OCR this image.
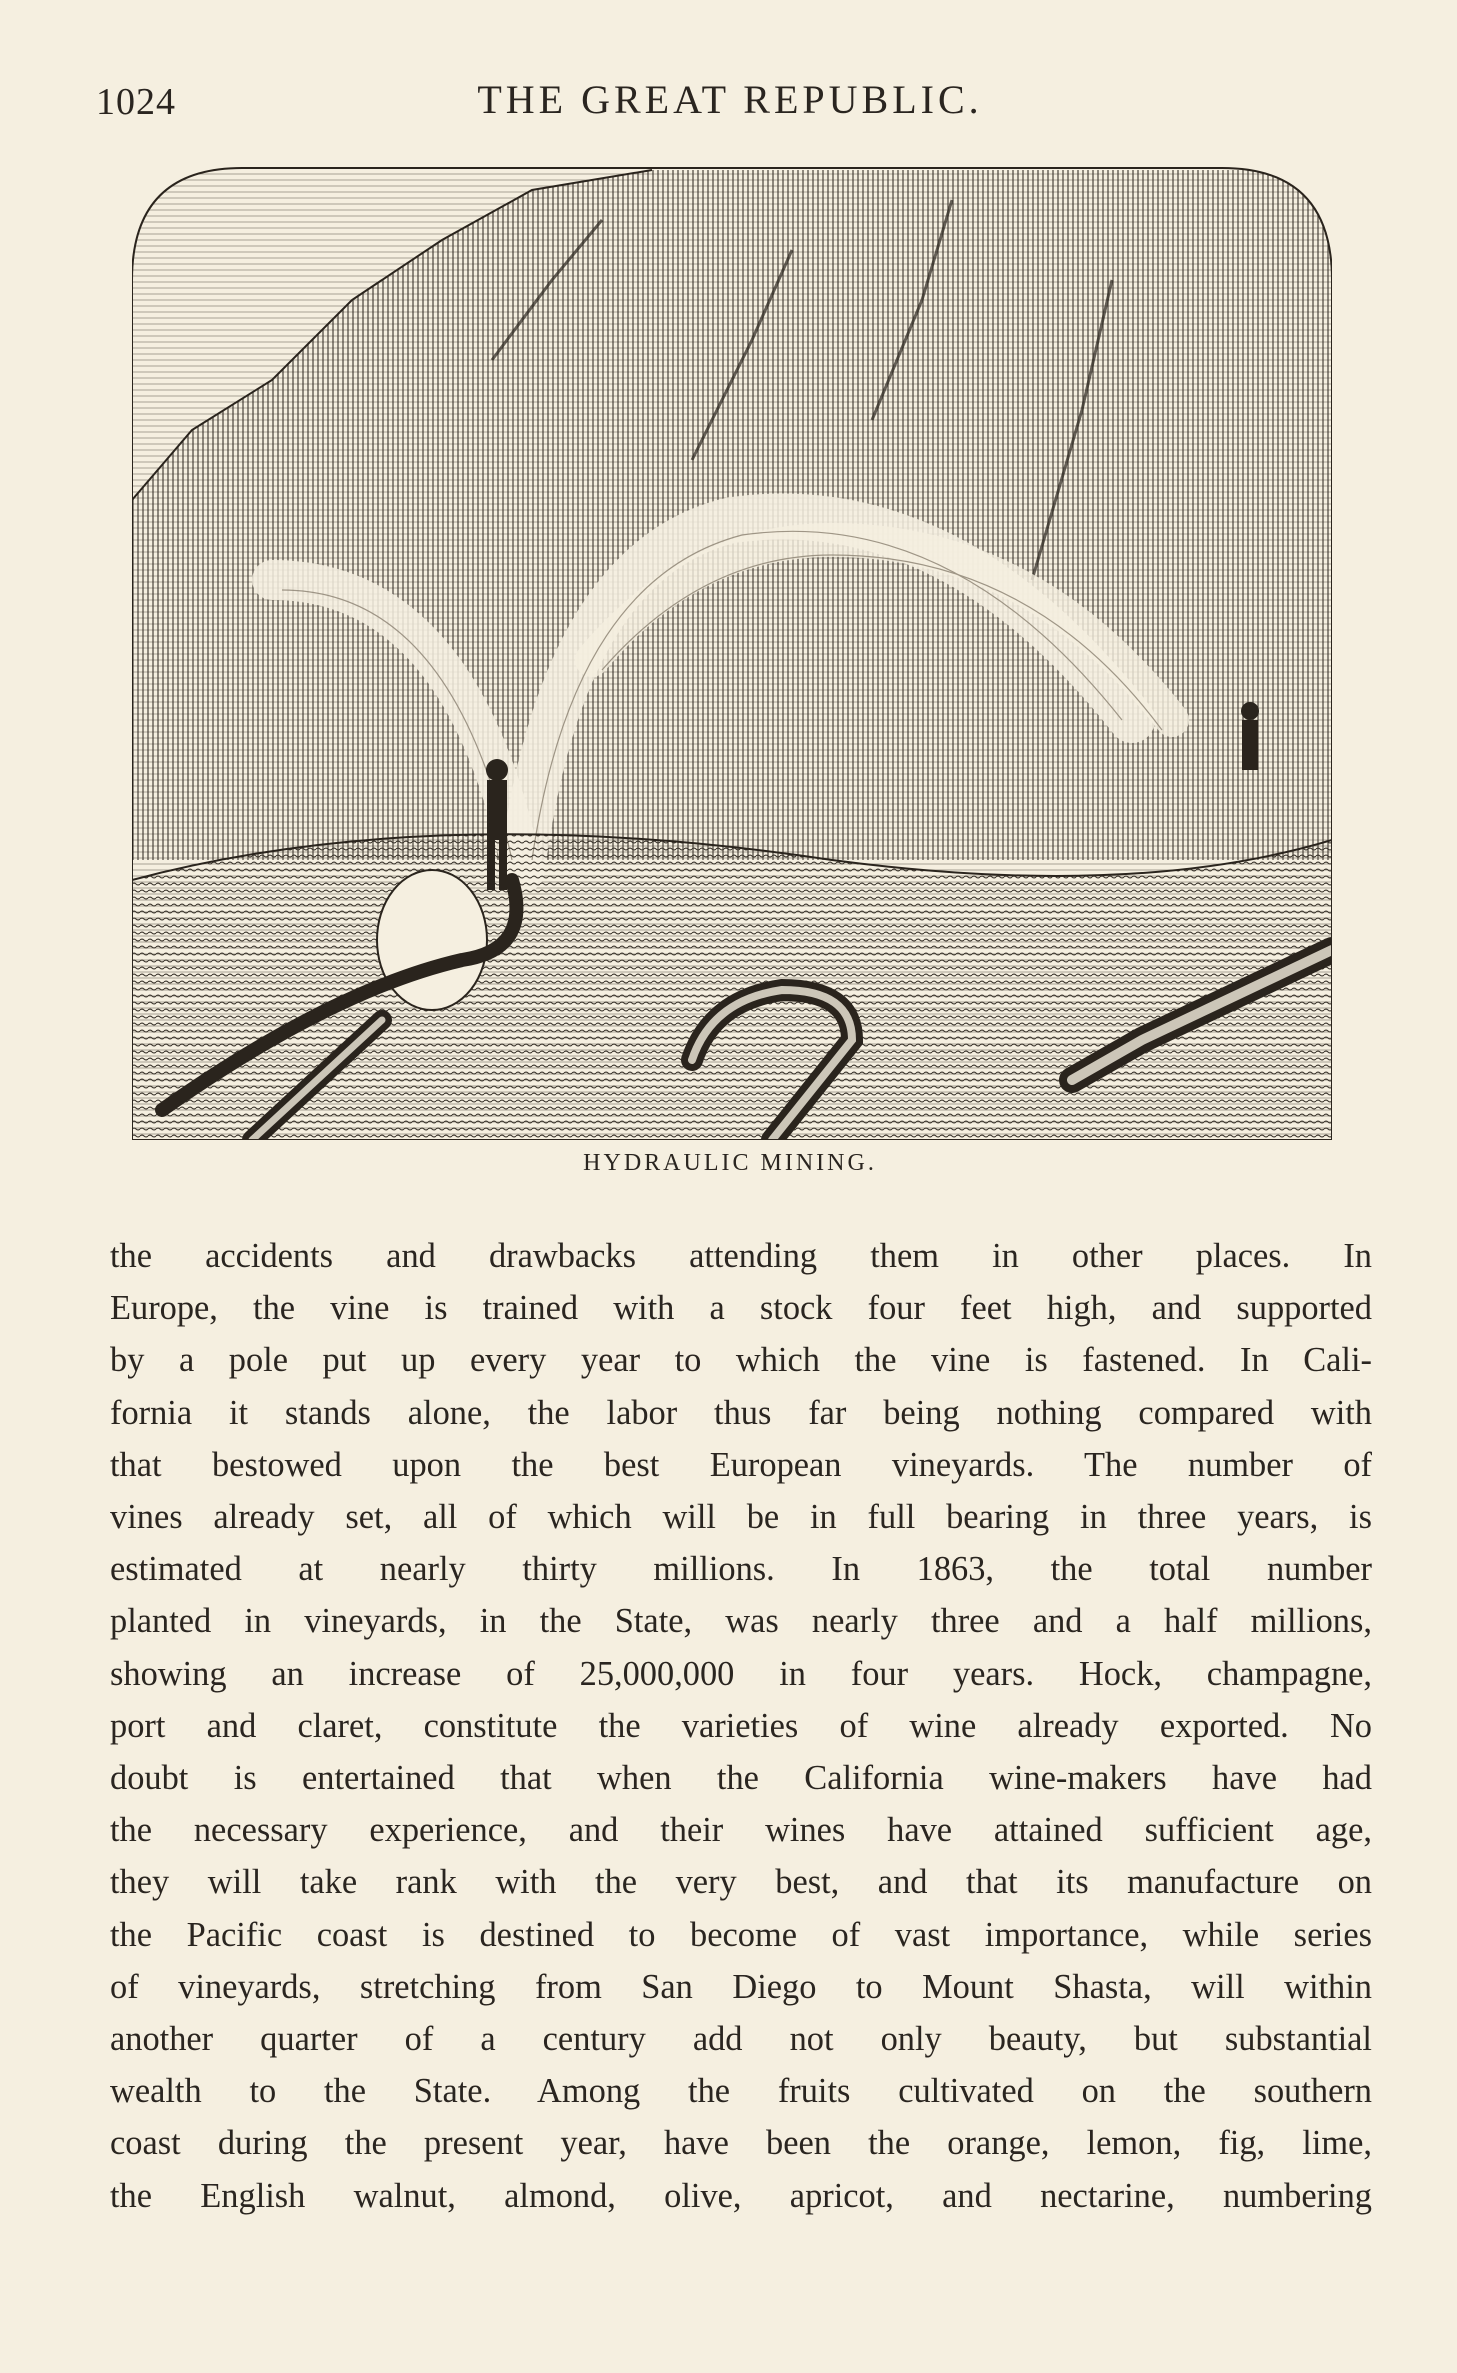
1024	THE GREAT REPUBLIC.
HYDRAULIC MINING.
the accidents and drawbacks attending them in other places. In
Europe, the vine is trained with a stock four feet high, and supported
by a pole put up every year to which the vine is fastened. In Cali-
fornia it stands alone, the labor thus far being nothing compared with
that bestowed upon the best European vineyards. The number of
vines already set, all of which will be in full bearing in three years, is
estimated at nearly thirty millions. In 1863, the total number
planted in vineyards, in the State, was nearly three and a half millions,
showing an increase of 25,000,000 in four years. Hock, champagne,
port and claret, constitute the varieties of wine already exported. No
doubt is entertained that when the California wine-makers have had
the necessary experience, and their wines have attained sufficient age,
they will take rank with the very best, and that its manufacture on
the Pacific coast is destined to become of vast importance, while series
of vineyards, stretching from San Diego to Mount Shasta, will within
another quarter of a century add not only beauty, but substantial
wealth to the State. Among the fruits cultivated on the southern
coast during the present year, have been the orange, lemon, fig, lime,
the English walnut, almond, olive, apricot, and nectarine, numbering
